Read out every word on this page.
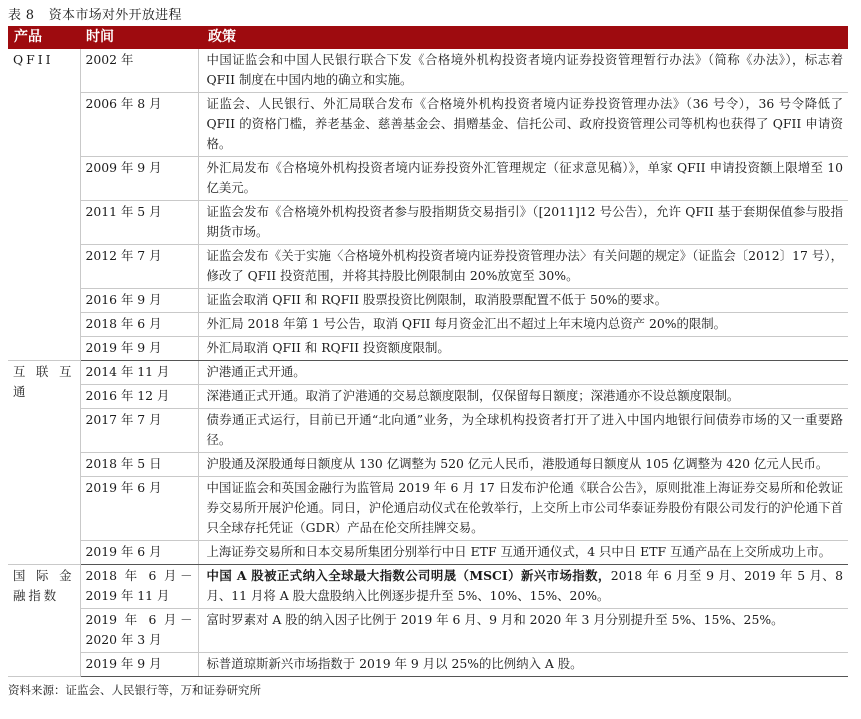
表 8 资本市场对外开放进程
产品	时间	政策
QFII	2002 年	中国证监会和中国人民银行联合下发《合格境外机构投资者境内证券投资管理暂行办法》（简称《办法》），标志着 QFII 制度在中国内地的确立和实施。
	2006 年 8 月	证监会、人民银行、外汇局联合发布《合格境外机构投资者境内证券投资管理办法》（36 号令），36 号令降低了 QFII 的资格门槛，养老基金、慈善基金会、捐赠基金、信托公司、政府投资管理公司等机构也获得了 QFII 申请资格。
	2009 年 9 月	外汇局发布《合格境外机构投资者境内证券投资外汇管理规定（征求意见稿）》，单家 QFII 申请投资额上限增至 10 亿美元。
	2011 年 5 月	证监会发布《合格境外机构投资者参与股指期货交易指引》（[2011]12 号公告），允许 QFII 基于套期保值参与股指期货市场。
	2012 年 7 月	证监会发布《关于实施〈合格境外机构投资者境内证券投资管理办法〉有关问题的规定》（证监会〔2012〕17 号），修改了 QFII 投资范围，并将其持股比例限制由 20%放宽至 30%。
	2016 年 9 月	证监会取消 QFII 和 RQFII 股票投资比例限制，取消股票配置不低于 50%的要求。
	2018 年 6 月	外汇局 2018 年第 1 号公告，取消 QFII 每月资金汇出不超过上年末境内总资产 20%的限制。
	2019 年 9 月	外汇局取消 QFII 和 RQFII 投资额度限制。
互联互通	2014 年 11 月	沪港通正式开通。
	2016 年 12 月	深港通正式开通。取消了沪港通的交易总额度限制，仅保留每日额度；深港通亦不设总额度限制。
	2017 年 7 月	债券通正式运行，目前已开通“北向通”业务，为全球机构投资者打开了进入中国内地银行间债券市场的又一重要路径。
	2018 年 5 日	沪股通及深股通每日额度从 130 亿调整为 520 亿元人民币，港股通每日额度从 105 亿调整为 420 亿元人民币。
	2019 年 6 月	中国证监会和英国金融行为监管局 2019 年 6 月 17 日发布沪伦通《联合公告》，原则批准上海证券交易所和伦敦证券交易所开展沪伦通。同日，沪伦通启动仪式在伦敦举行，上交所上市公司华泰证券股份有限公司发行的沪伦通下首只全球存托凭证（GDR）产品在伦交所挂牌交易。
	2019 年 6 月	上海证券交易所和日本交易所集团分别举行中日 ETF 互通开通仪式，4 只中日 ETF 互通产品在上交所成功上市。
国际金融指数	2018 年 6 月－2019 年 11 月	中国 A 股被正式纳入全球最大指数公司明晟（MSCI）新兴市场指数，2018 年 6 月至 9 月、2019 年 5 月、8 月、11 月将 A 股大盘股纳入比例逐步提升至 5%、10%、15%、20%。
	2019 年 6 月－2020 年 3 月	富时罗素对 A 股的纳入因子比例于 2019 年 6 月、9 月和 2020 年 3 月分别提升至 5%、15%、25%。
	2019 年 9 月	标普道琼斯新兴市场指数于 2019 年 9 月以 25%的比例纳入 A 股。
资料来源：证监会、人民银行等，万和证券研究所
